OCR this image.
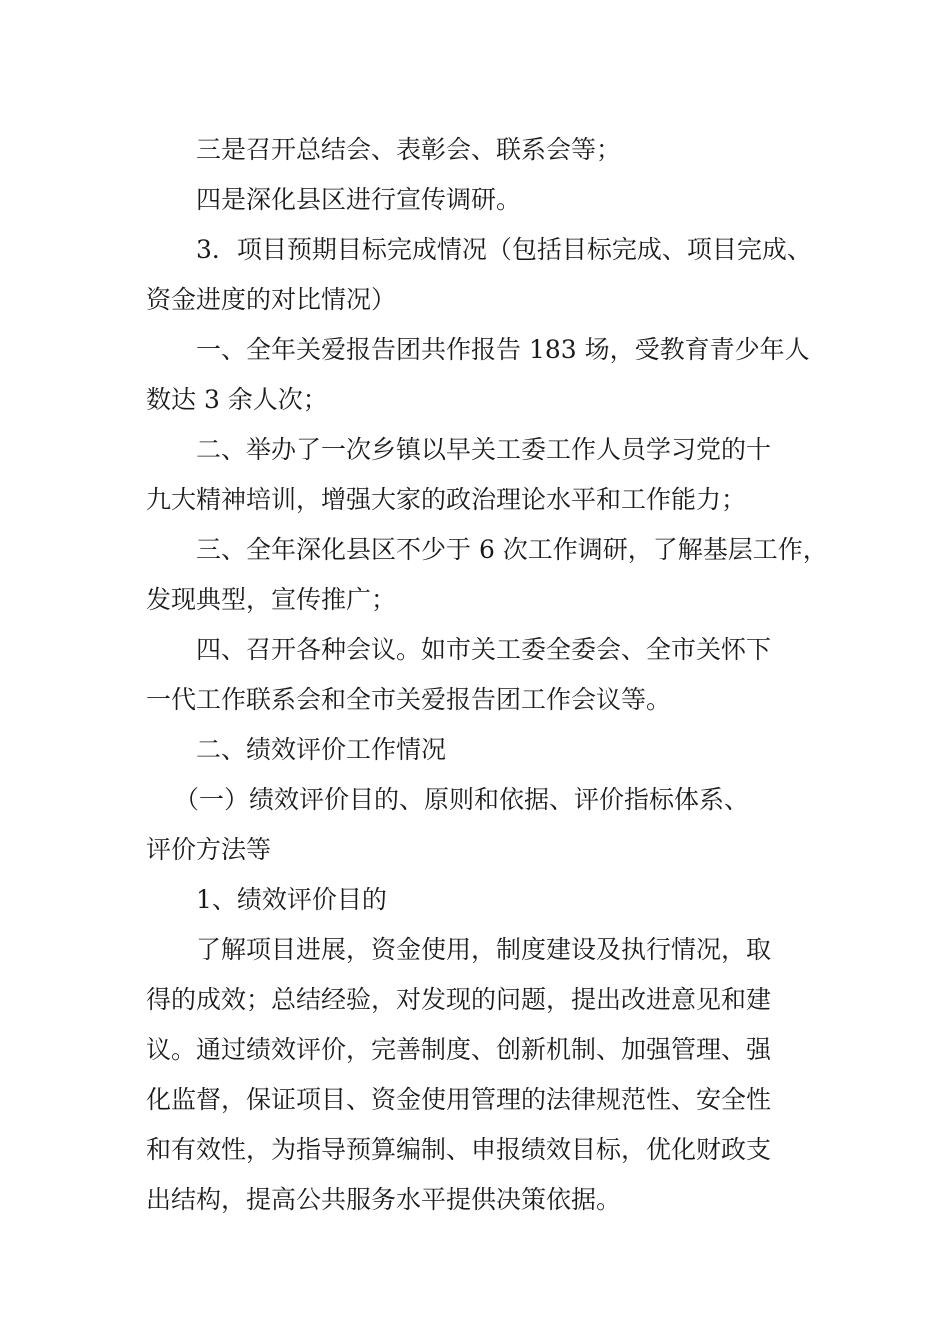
三是召开总结会、表彰会、联系会等；
四是深化县区进行宣传调研。
3．项目预期目标完成情况（包括目标完成、项目完成、
资金进度的对比情况）
一、全年关爱报告团共作报告 183 场，受教育青少年人
数达 3 余人次；
二、举办了一次乡镇以早关工委工作人员学习党的十
九大精神培训，增强大家的政治理论水平和工作能力；
三、全年深化县区不少于 6 次工作调研，了解基层工作，
发现典型，宣传推广；
四、召开各种会议。如市关工委全委会、全市关怀下
一代工作联系会和全市关爱报告团工作会议等。
二、绩效评价工作情况
（一）绩效评价目的、原则和依据、评价指标体系、
评价方法等
1、绩效评价目的
了解项目进展，资金使用，制度建设及执行情况，取
得的成效；总结经验，对发现的问题，提出改进意见和建
议。通过绩效评价，完善制度、创新机制、加强管理、强
化监督，保证项目、资金使用管理的法律规范性、安全性
和有效性，为指导预算编制、申报绩效目标，优化财政支
出结构，提高公共服务水平提供决策依据。
